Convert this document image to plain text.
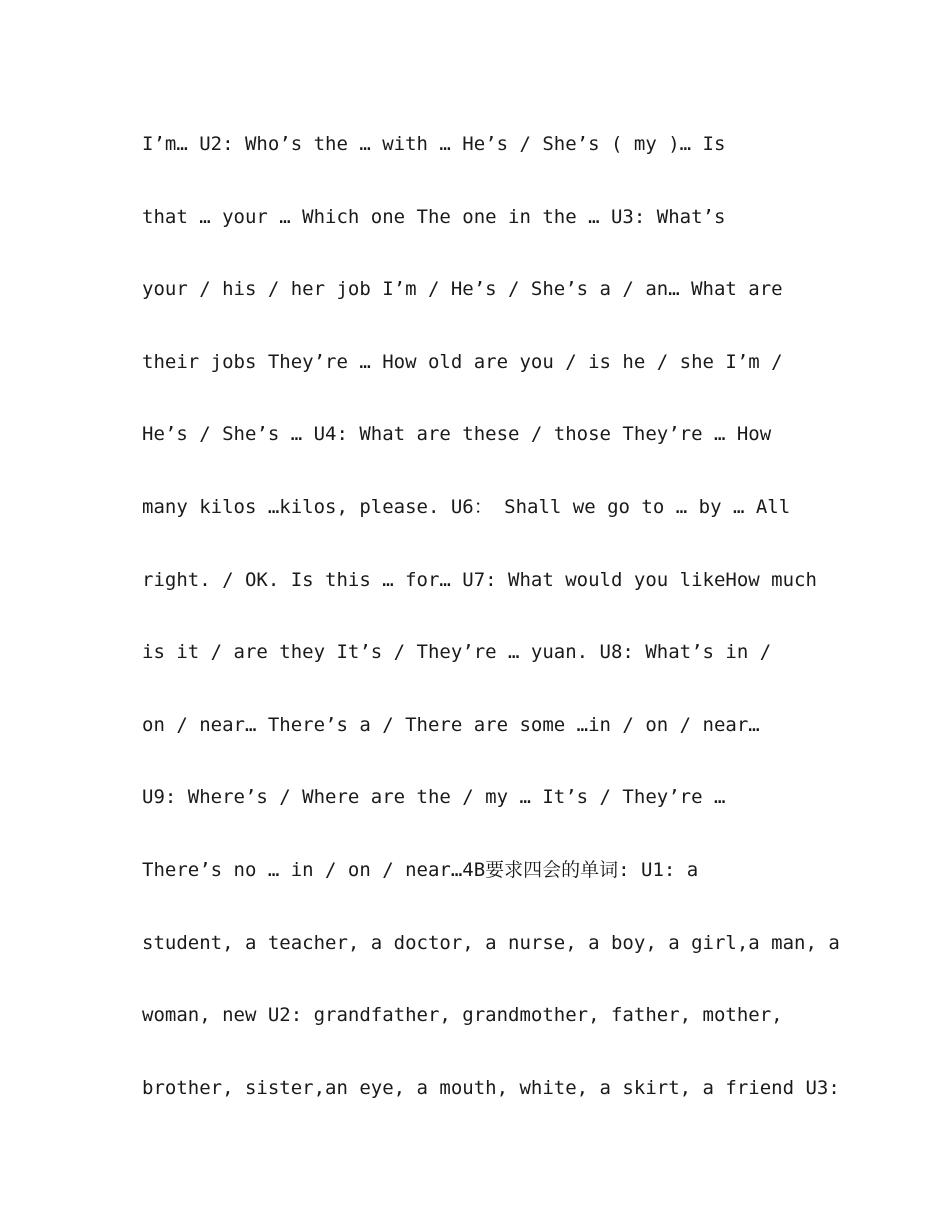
I’m… U2: Who’s the … with … He’s / She’s ( my )… Is
that … your … Which one The one in the … U3: What’s
your / his / her job I’m / He’s / She’s a / an… What are
their jobs They’re … How old are you / is he / she I’m /
He’s / She’s … U4: What are these / those They’re … How
many kilos …kilos, please. U6： Shall we go to … by … All
right. / OK. Is this … for… U7: What would you likeHow much
is it / are they It’s / They’re … yuan. U8: What’s in /
on / near… There’s a / There are some …in / on / near…
U9: Where’s / Where are the / my … It’s / They’re …
There’s no … in / on / near…4B要求四会的单词: U1: a
student, a teacher, a doctor, a nurse, a boy, a girl,a man, a
woman, new U2: grandfather, grandmother, father, mother,
brother, sister,an eye, a mouth, white, a skirt, a friend U3:
